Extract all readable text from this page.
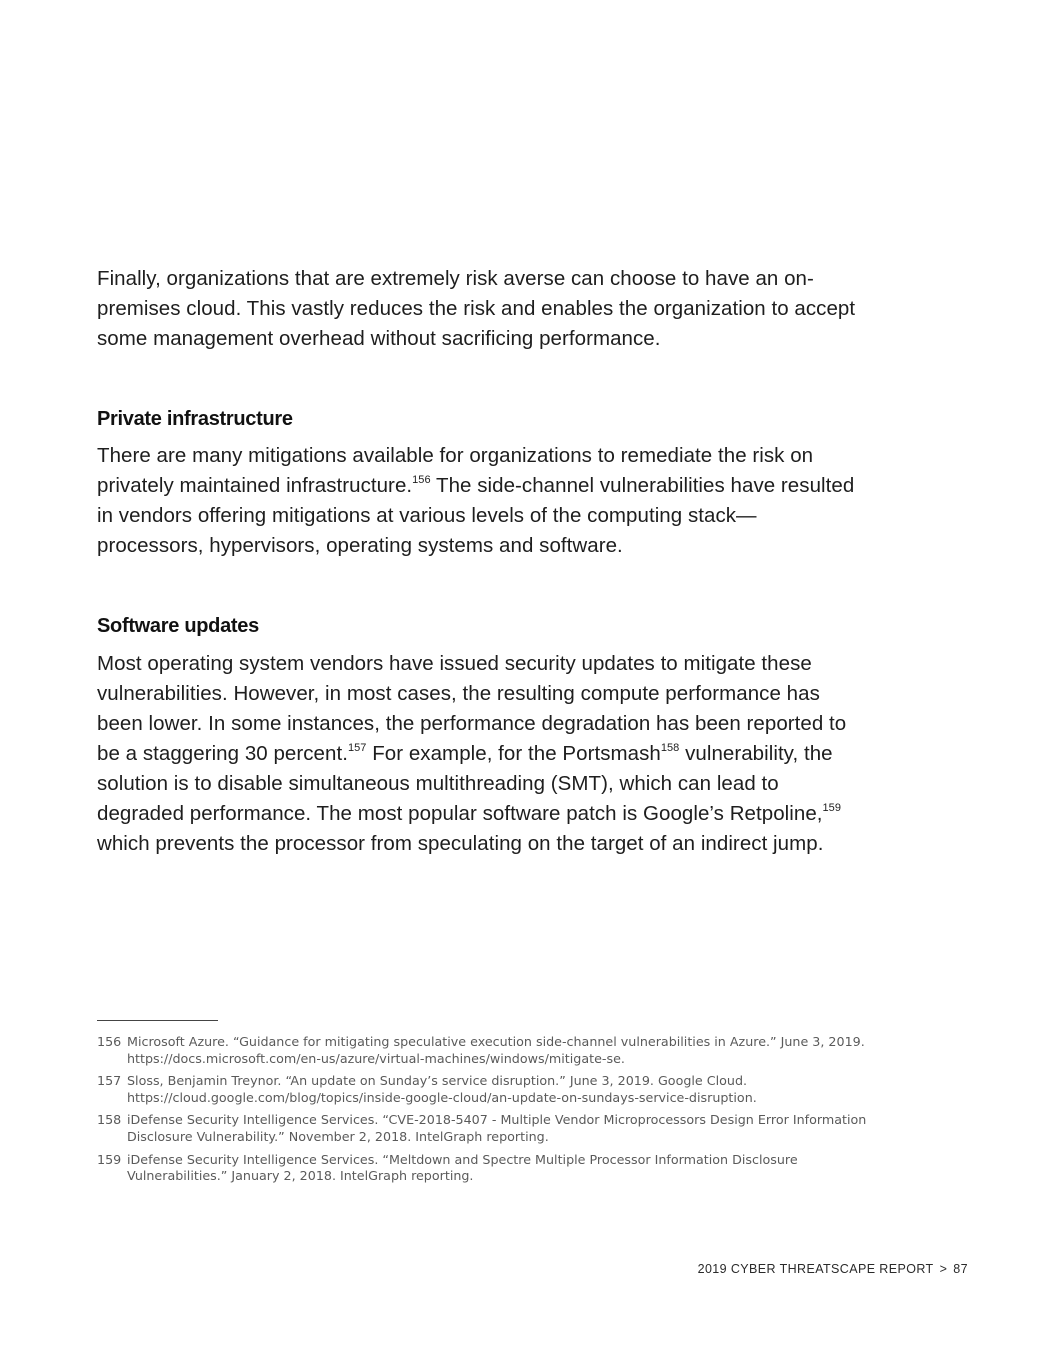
Finally, organizations that are extremely risk averse can choose to have an on-premises cloud. This vastly reduces the risk and enables the organization to accept some management overhead without sacrificing performance.

Private infrastructure

There are many mitigations available for organizations to remediate the risk on privately maintained infrastructure.$^{156}$ The side-channel vulnerabilities have resulted in vendors offering mitigations at various levels of the computing stack—processors, hypervisors, operating systems and software.

Software updates

Most operating system vendors have issued security updates to mitigate these vulnerabilities. However, in most cases, the resulting compute performance has been lower. In some instances, the performance degradation has been reported to be a staggering 30 percent.$^{157}$ For example, for the Portsmash$^{158}$ vulnerability, the solution is to disable simultaneous multithreading (SMT), which can lead to degraded performance. The most popular software patch is Google’s Retpoline,$^{159}$ which prevents the processor from speculating on the target of an indirect jump.

156 Microsoft Azure. “Guidance for mitigating speculative execution side-channel vulnerabilities in Azure.” June 3, 2019. https://docs.microsoft.com/en-us/azure/virtual-machines/windows/mitigate-se.
157 Sloss, Benjamin Treynor. “An update on Sunday’s service disruption.” June 3, 2019. Google Cloud. https://cloud.google.com/blog/topics/inside-google-cloud/an-update-on-sundays-service-disruption.
158 iDefense Security Intelligence Services. “CVE-2018-5407 - Multiple Vendor Microprocessors Design Error Information Disclosure Vulnerability.” November 2, 2018. IntelGraph reporting.
159 iDefense Security Intelligence Services. “Meltdown and Spectre Multiple Processor Information Disclosure Vulnerabilities.” January 2, 2018. IntelGraph reporting.
2019 CYBER THREATSCAPE REPORT > 87
